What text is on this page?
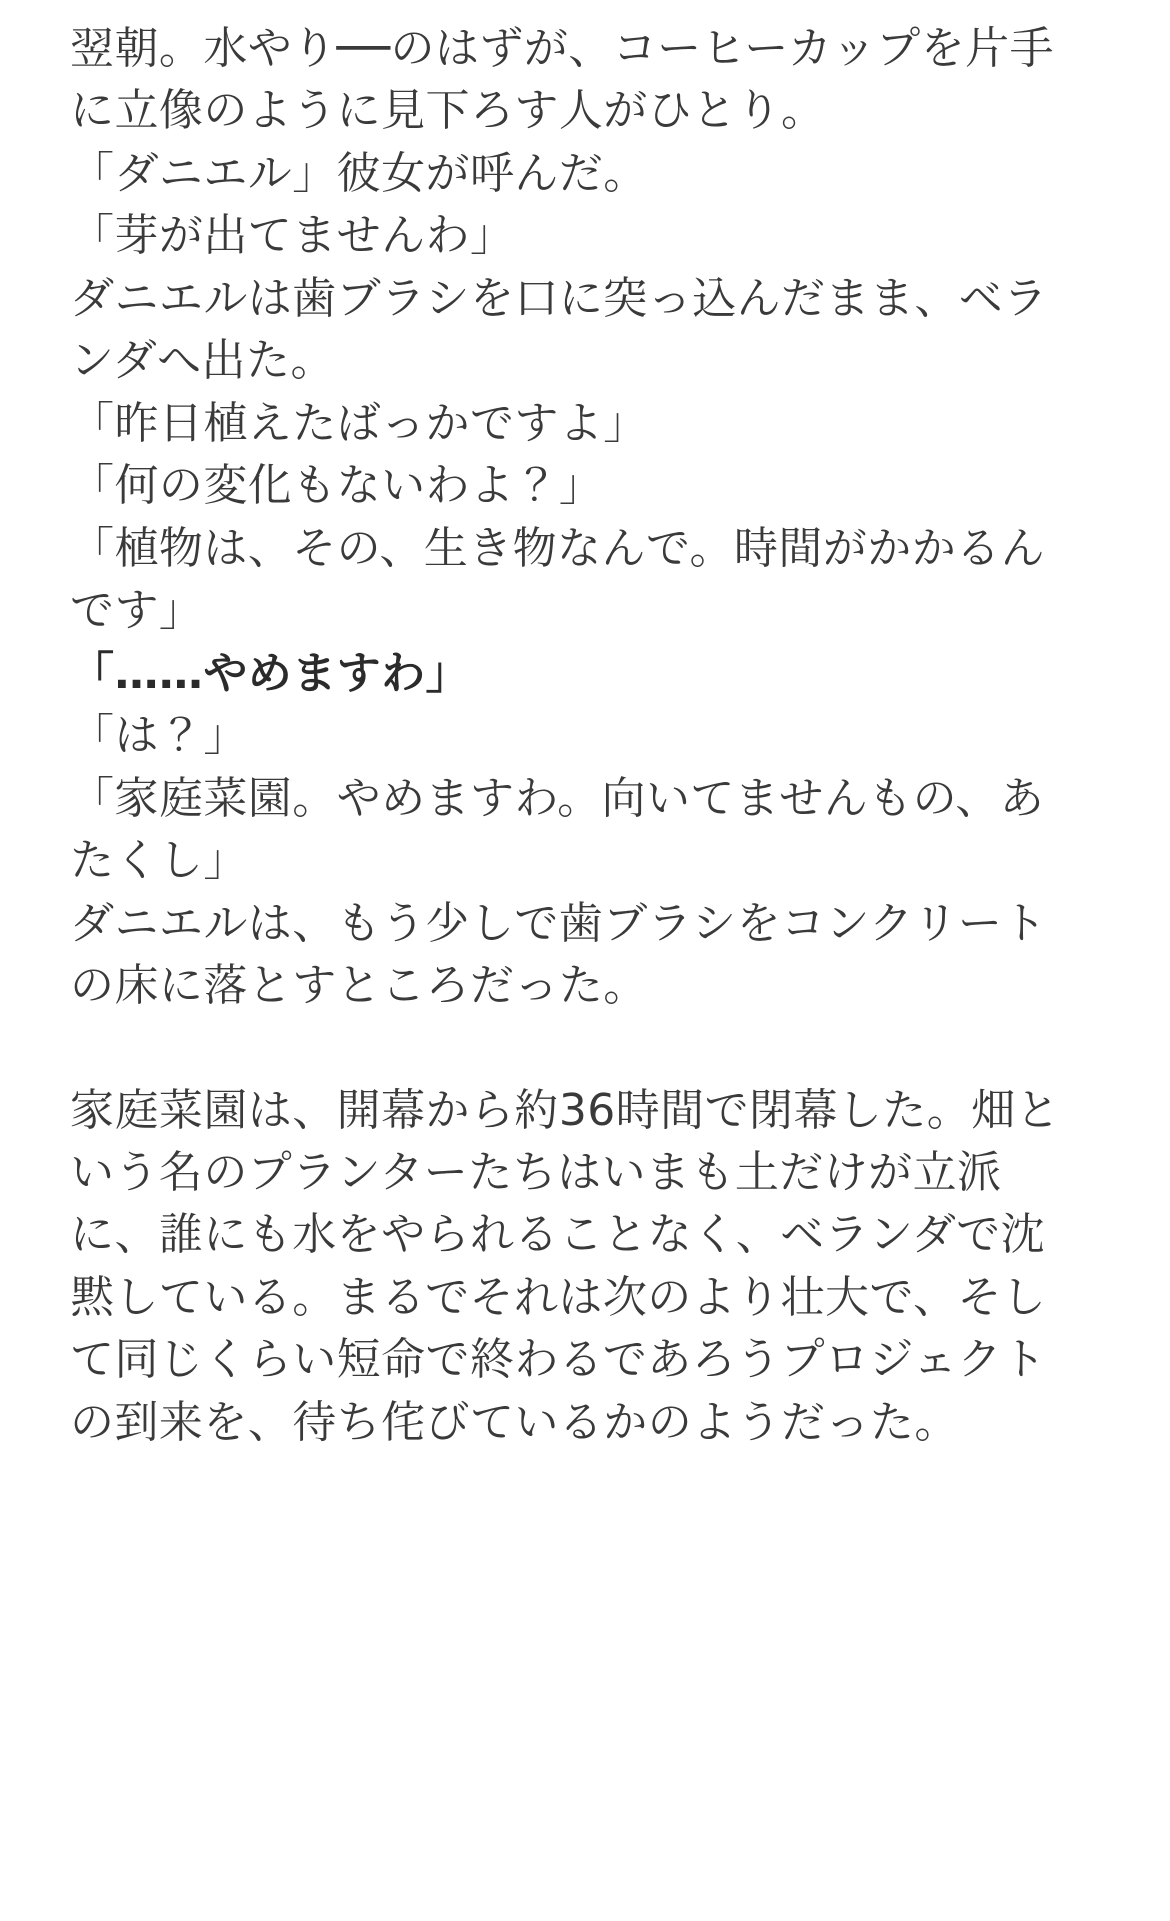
翌朝。水やり──のはずが、コーヒーカップを片手に立像のように見下ろす人がひとり。

「ダニエル」彼女が呼んだ。

「芽が出てませんわ」

ダニエルは歯ブラシを口に突っ込んだまま、ベランダへ出た。

「昨日植えたばっかですよ」

「何の変化もないわよ？」

「植物は、その、生き物なんで。時間がかかるんです」

「……やめますわ」

「は？」

「家庭菜園。やめますわ。向いてませんもの、あたくし」

ダニエルは、もう少しで歯ブラシをコンクリートの床に落とすところだった。

家庭菜園は、開幕から約36時間で閉幕した。畑という名のプランターたちはいまも土だけが立派に、誰にも水をやられることなく、ベランダで沈黙している。まるでそれは次のより壮大で、そして同じくらい短命で終わるであろうプロジェクトの到来を、待ち侘びているかのようだった。
